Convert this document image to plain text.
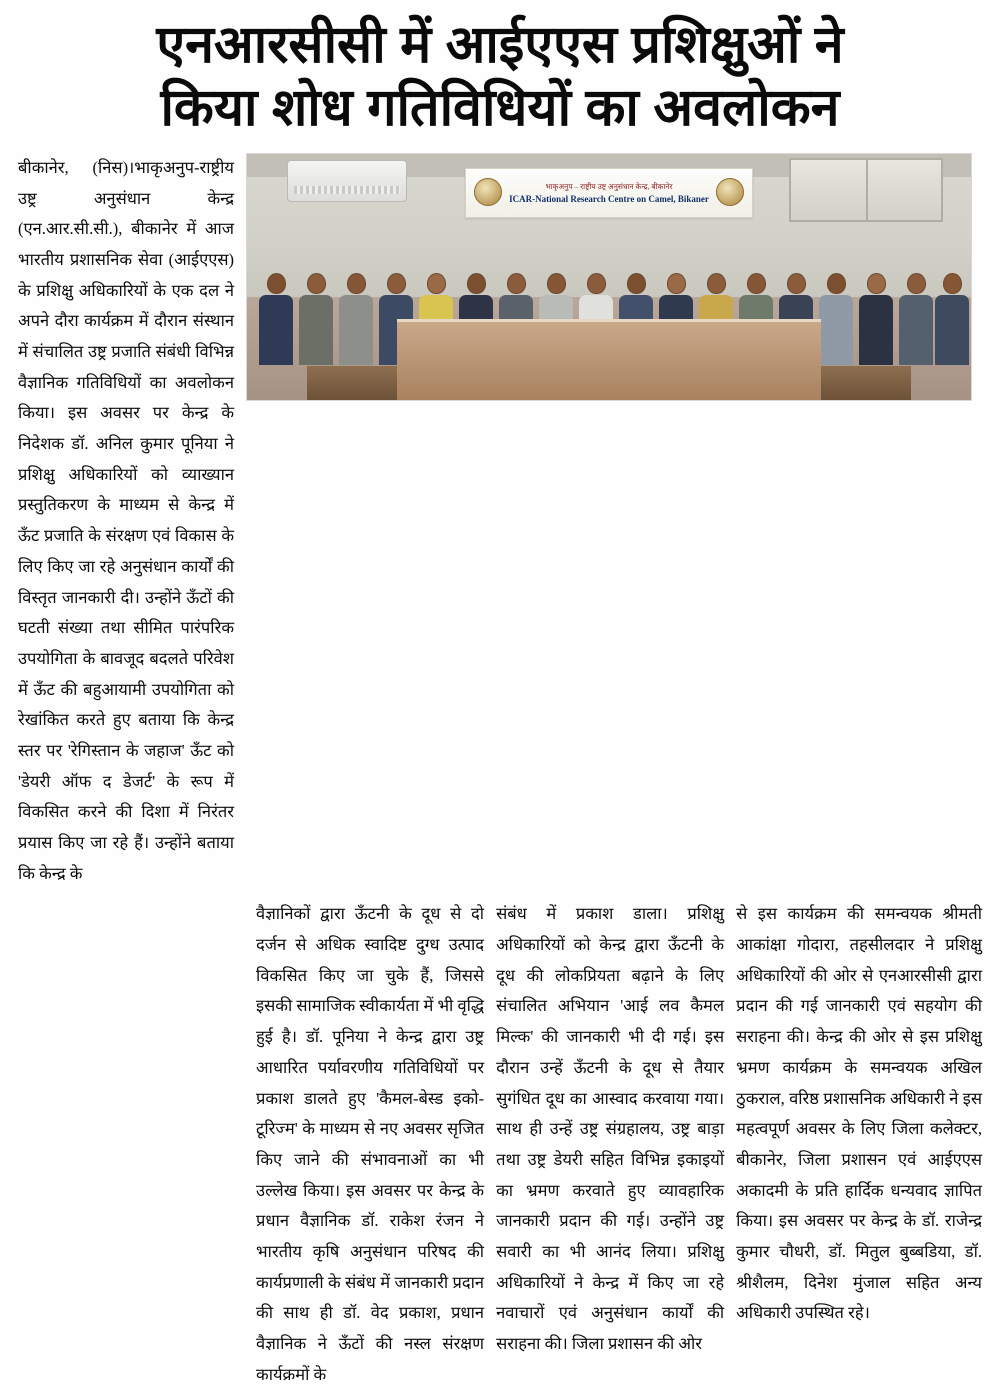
एनआरसीसी में आईएएस प्रशिक्षुओं ने
किया शोध गतिविधियों का अवलोकन

बीकानेर, (निस)।भाकृअनुप-राष्ट्रीय उष्ट्र अनुसंधान केन्द्र (एन.आर.सी.सी.), बीकानेर में आज भारतीय प्रशासनिक सेवा (आईएएस) के प्रशिक्षु अधिकारियों के एक दल ने अपने दौरा कार्यक्रम में दौरान संस्थान में संचालित उष्ट्र प्रजाति संबंधी विभिन्न वैज्ञानिक गतिविधियों का अवलोकन किया। इस अवसर पर केन्द्र के निदेशक डॉ. अनिल कुमार पूनिया ने प्रशिक्षु अधिकारियों को व्याख्यान प्रस्तुतिकरण के माध्यम से केन्द्र में ऊँट प्रजाति के संरक्षण एवं विकास के लिए किए जा रहे अनुसंधान कार्यों की विस्तृत जानकारी दी। उन्होंने ऊँटों की घटती संख्या तथा सीमित पारंपरिक उपयोगिता के बावजूद बदलते परिवेश में ऊँट की बहुआयामी उपयोगिता को रेखांकित करते हुए बताया कि केन्द्र स्तर पर 'रेगिस्तान के जहाज' ऊँट को 'डेयरी ऑफ द डेजर्ट' के रूप में विकसित करने की दिशा में निरंतर प्रयास किए जा रहे हैं। उन्होंने बताया कि केन्द्र के

भाकृअनुप – राष्ट्रीय उष्ट्र अनुसंधान केन्द्र, बीकानेर
ICAR-National Research Centre on Camel, Bikaner

वैज्ञानिकों द्वारा ऊँटनी के दूध से दो दर्जन से अधिक स्वादिष्ट दुग्ध उत्पाद विकसित किए जा चुके हैं, जिससे इसकी सामाजिक स्वीकार्यता में भी वृद्धि हुई है। डॉ. पूनिया ने केन्द्र द्वारा उष्ट्र आधारित पर्यावरणीय गतिविधियों पर प्रकाश डालते हुए 'कैमल-बेस्ड इको-टूरिज्म' के माध्यम से नए अवसर सृजित किए जाने की संभावनाओं का भी उल्लेख किया। इस अवसर पर केन्द्र के प्रधान वैज्ञानिक डॉ. राकेश रंजन ने भारतीय कृषि अनुसंधान परिषद की कार्यप्रणाली के संबंध में जानकारी प्रदान की साथ ही डॉ. वेद प्रकाश, प्रधान वैज्ञानिक ने ऊँटों की नस्ल संरक्षण कार्यक्रमों के

संबंध में प्रकाश डाला। प्रशिक्षु अधिकारियों को केन्द्र द्वारा ऊँटनी के दूध की लोकप्रियता बढ़ाने के लिए संचालित अभियान 'आई लव कैमल मिल्क' की जानकारी भी दी गई। इस दौरान उन्हें ऊँटनी के दूध से तैयार सुगंधित दूध का आस्वाद करवाया गया। साथ ही उन्हें उष्ट्र संग्रहालय, उष्ट्र बाड़ा तथा उष्ट्र डेयरी सहित विभिन्न इकाइयों का भ्रमण करवाते हुए व्यावहारिक जानकारी प्रदान की गई। उन्होंने उष्ट्र सवारी का भी आनंद लिया। प्रशिक्षु अधिकारियों ने केन्द्र में किए जा रहे नवाचारों एवं अनुसंधान कार्यों की सराहना की। जिला प्रशासन की ओर

से इस कार्यक्रम की समन्वयक श्रीमती आकांक्षा गोदारा, तहसीलदार ने प्रशिक्षु अधिकारियों की ओर से एनआरसीसी द्वारा प्रदान की गई जानकारी एवं सहयोग की सराहना की। केन्द्र की ओर से इस प्रशिक्षु भ्रमण कार्यक्रम के समन्वयक अखिल ठुकराल, वरिष्ठ प्रशासनिक अधिकारी ने इस महत्वपूर्ण अवसर के लिए जिला कलेक्टर, बीकानेर, जिला प्रशासन एवं आईएएस अकादमी के प्रति हार्दिक धन्यवाद ज्ञापित किया। इस अवसर पर केन्द्र के डॉ. राजेन्द्र कुमार चौधरी, डॉ. मितुल बुब्बडिया, डॉ. श्रीशैलम, दिनेश मुंजाल सहित अन्य अधिकारी उपस्थित रहे।
